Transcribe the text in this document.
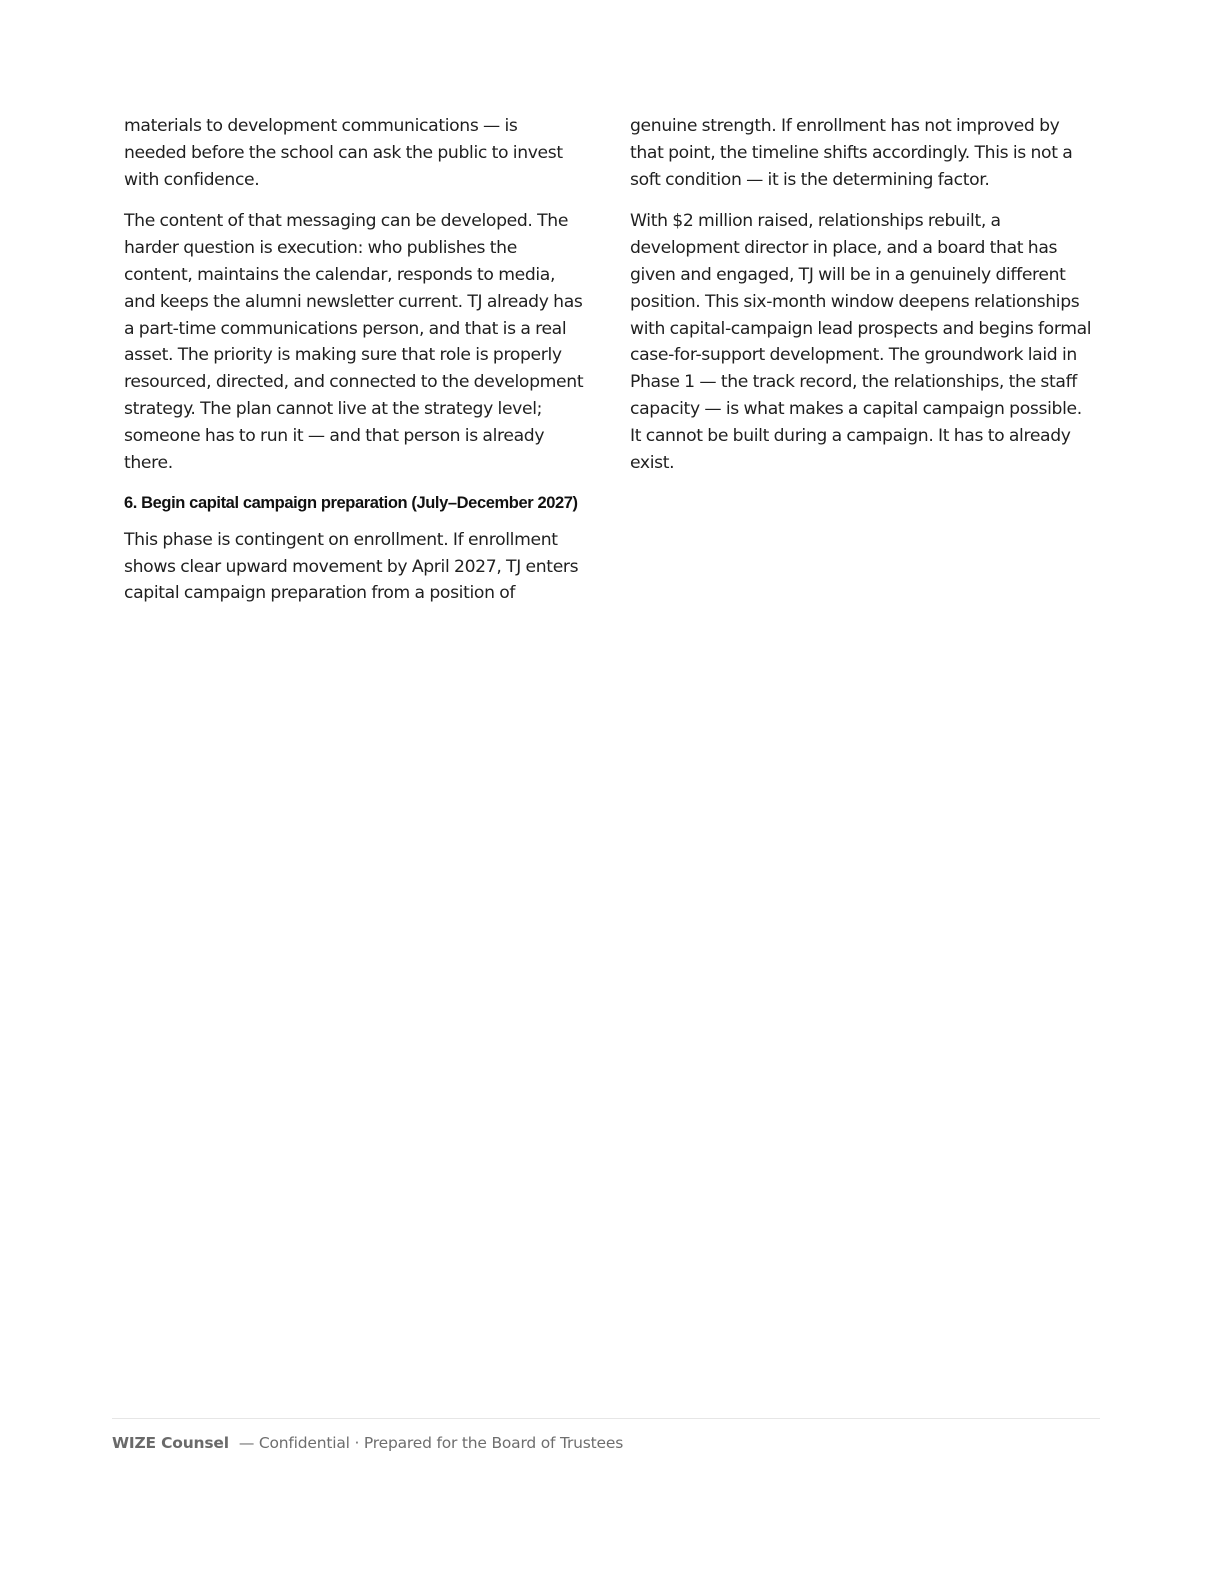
materials to development communications — is needed before the school can ask the public to invest with confidence.

The content of that messaging can be developed. The harder question is execution: who publishes the content, maintains the calendar, responds to media, and keeps the alumni newsletter current. TJ already has a part-time communications person, and that is a real asset. The priority is making sure that role is properly resourced, directed, and connected to the development strategy. The plan cannot live at the strategy level; someone has to run it — and that person is already there.

6. Begin capital campaign preparation (July–December 2027)

This phase is contingent on enrollment. If enrollment shows clear upward movement by April 2027, TJ enters capital campaign preparation from a position of

genuine strength. If enrollment has not improved by that point, the timeline shifts accordingly. This is not a soft condition — it is the determining factor.

With $2 million raised, relationships rebuilt, a development director in place, and a board that has given and engaged, TJ will be in a genuinely different position. This six-month window deepens relationships with capital-campaign lead prospects and begins formal case-for-support development. The groundwork laid in Phase 1 — the track record, the relationships, the staff capacity — is what makes a capital campaign possible. It cannot be built during a campaign. It has to already exist.

WIZE Counsel — Confidential · Prepared for the Board of Trustees
